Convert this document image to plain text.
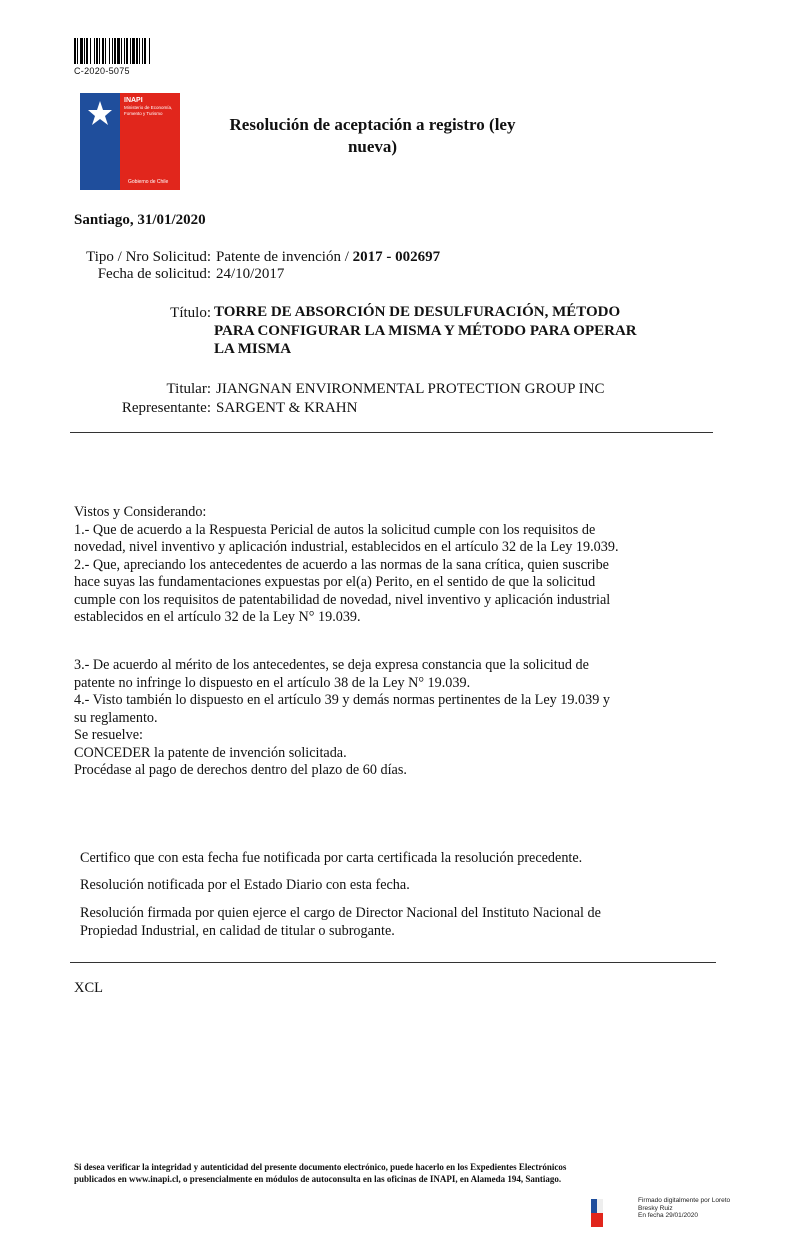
C-2020-5075
INAPI
Ministerio de Economía, Fomento y Turismo
Gobierno de Chile
Resolución de aceptación a registro (ley
nueva)
Santiago, 31/01/2020
Tipo / Nro Solicitud: Patente de invención / 2017 - 002697
Fecha de solicitud: 24/10/2017
Título: TORRE DE ABSORCIÓN DE DESULFURACIÓN, MÉTODO
PARA CONFIGURAR LA MISMA Y MÉTODO PARA OPERAR
LA MISMA
Titular: JIANGNAN ENVIRONMENTAL PROTECTION GROUP INC
Representante: SARGENT & KRAHN
Vistos y Considerando:
1.- Que de acuerdo a la Respuesta Pericial de autos la solicitud cumple con los requisitos de
novedad, nivel inventivo y aplicación industrial, establecidos en el artículo 32 de la Ley 19.039.
2.- Que, apreciando los antecedentes de acuerdo a las normas de la sana crítica, quien suscribe
hace suyas las fundamentaciones expuestas por el(a) Perito, en el sentido de que la solicitud
cumple con los requisitos de patentabilidad de novedad, nivel inventivo y aplicación industrial
establecidos en el artículo 32 de la Ley N° 19.039.
3.- De acuerdo al mérito de los antecedentes, se deja expresa constancia que la solicitud de
patente no infringe lo dispuesto en el artículo 38 de la Ley N° 19.039.
4.- Visto también lo dispuesto en el artículo 39 y demás normas pertinentes de la Ley 19.039 y
su reglamento.
Se resuelve:
CONCEDER la patente de invención solicitada.
Procédase al pago de derechos dentro del plazo de 60 días.
Certifico que con esta fecha fue notificada por carta certificada la resolución precedente.
Resolución notificada por el Estado Diario con esta fecha.
Resolución firmada por quien ejerce el cargo de Director Nacional del Instituto Nacional de
Propiedad Industrial, en calidad de titular o subrogante.
XCL
Si desea verificar la integridad y autenticidad del presente documento electrónico, puede hacerlo en los Expedientes Electrónicos
publicados en www.inapi.cl, o presencialmente en módulos de autoconsulta en las oficinas de INAPI, en Alameda 194, Santiago.
Firmado digitalmente por Loreto
Bresky Ruiz
En fecha 29/01/2020
